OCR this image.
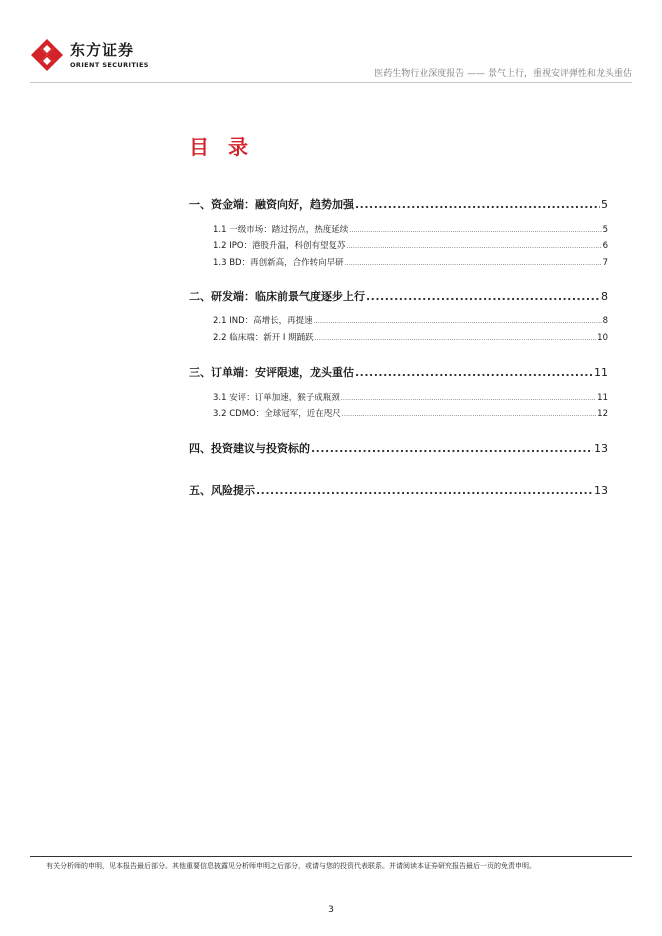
东方证券
ORIENT SECURITIES
医药生物行业深度报告 —— 景气上行，重视安评弹性和龙头重估
目 录
一、资金端：融资向好，趋势加强 .....	5
1.1 一级市场：踏过拐点，热度延续 .....	5
1.2 IPO：港股升温，科创有望复苏 .....	6
1.3 BD：再创新高，合作转向早研 .....	7
二、研发端：临床前景气度逐步上行 .....	8
2.1 IND：高增长，再提速 .....	8
2.2 临床端：新开 I 期踊跃 .....	10
三、订单端：安评限速，龙头重估 .....	11
3.1 安评：订单加速，猴子成瓶颈 .....	11
3.2 CDMO：全球冠军，近在咫尺 .....	12
四、投资建议与投资标的 .....	13
五、风险提示 .....	13
有关分析师的申明，见本报告最后部分。其他重要信息披露见分析师申明之后部分，或请与您的投资代表联系。并请阅读本证券研究报告最后一页的免责申明。
3
